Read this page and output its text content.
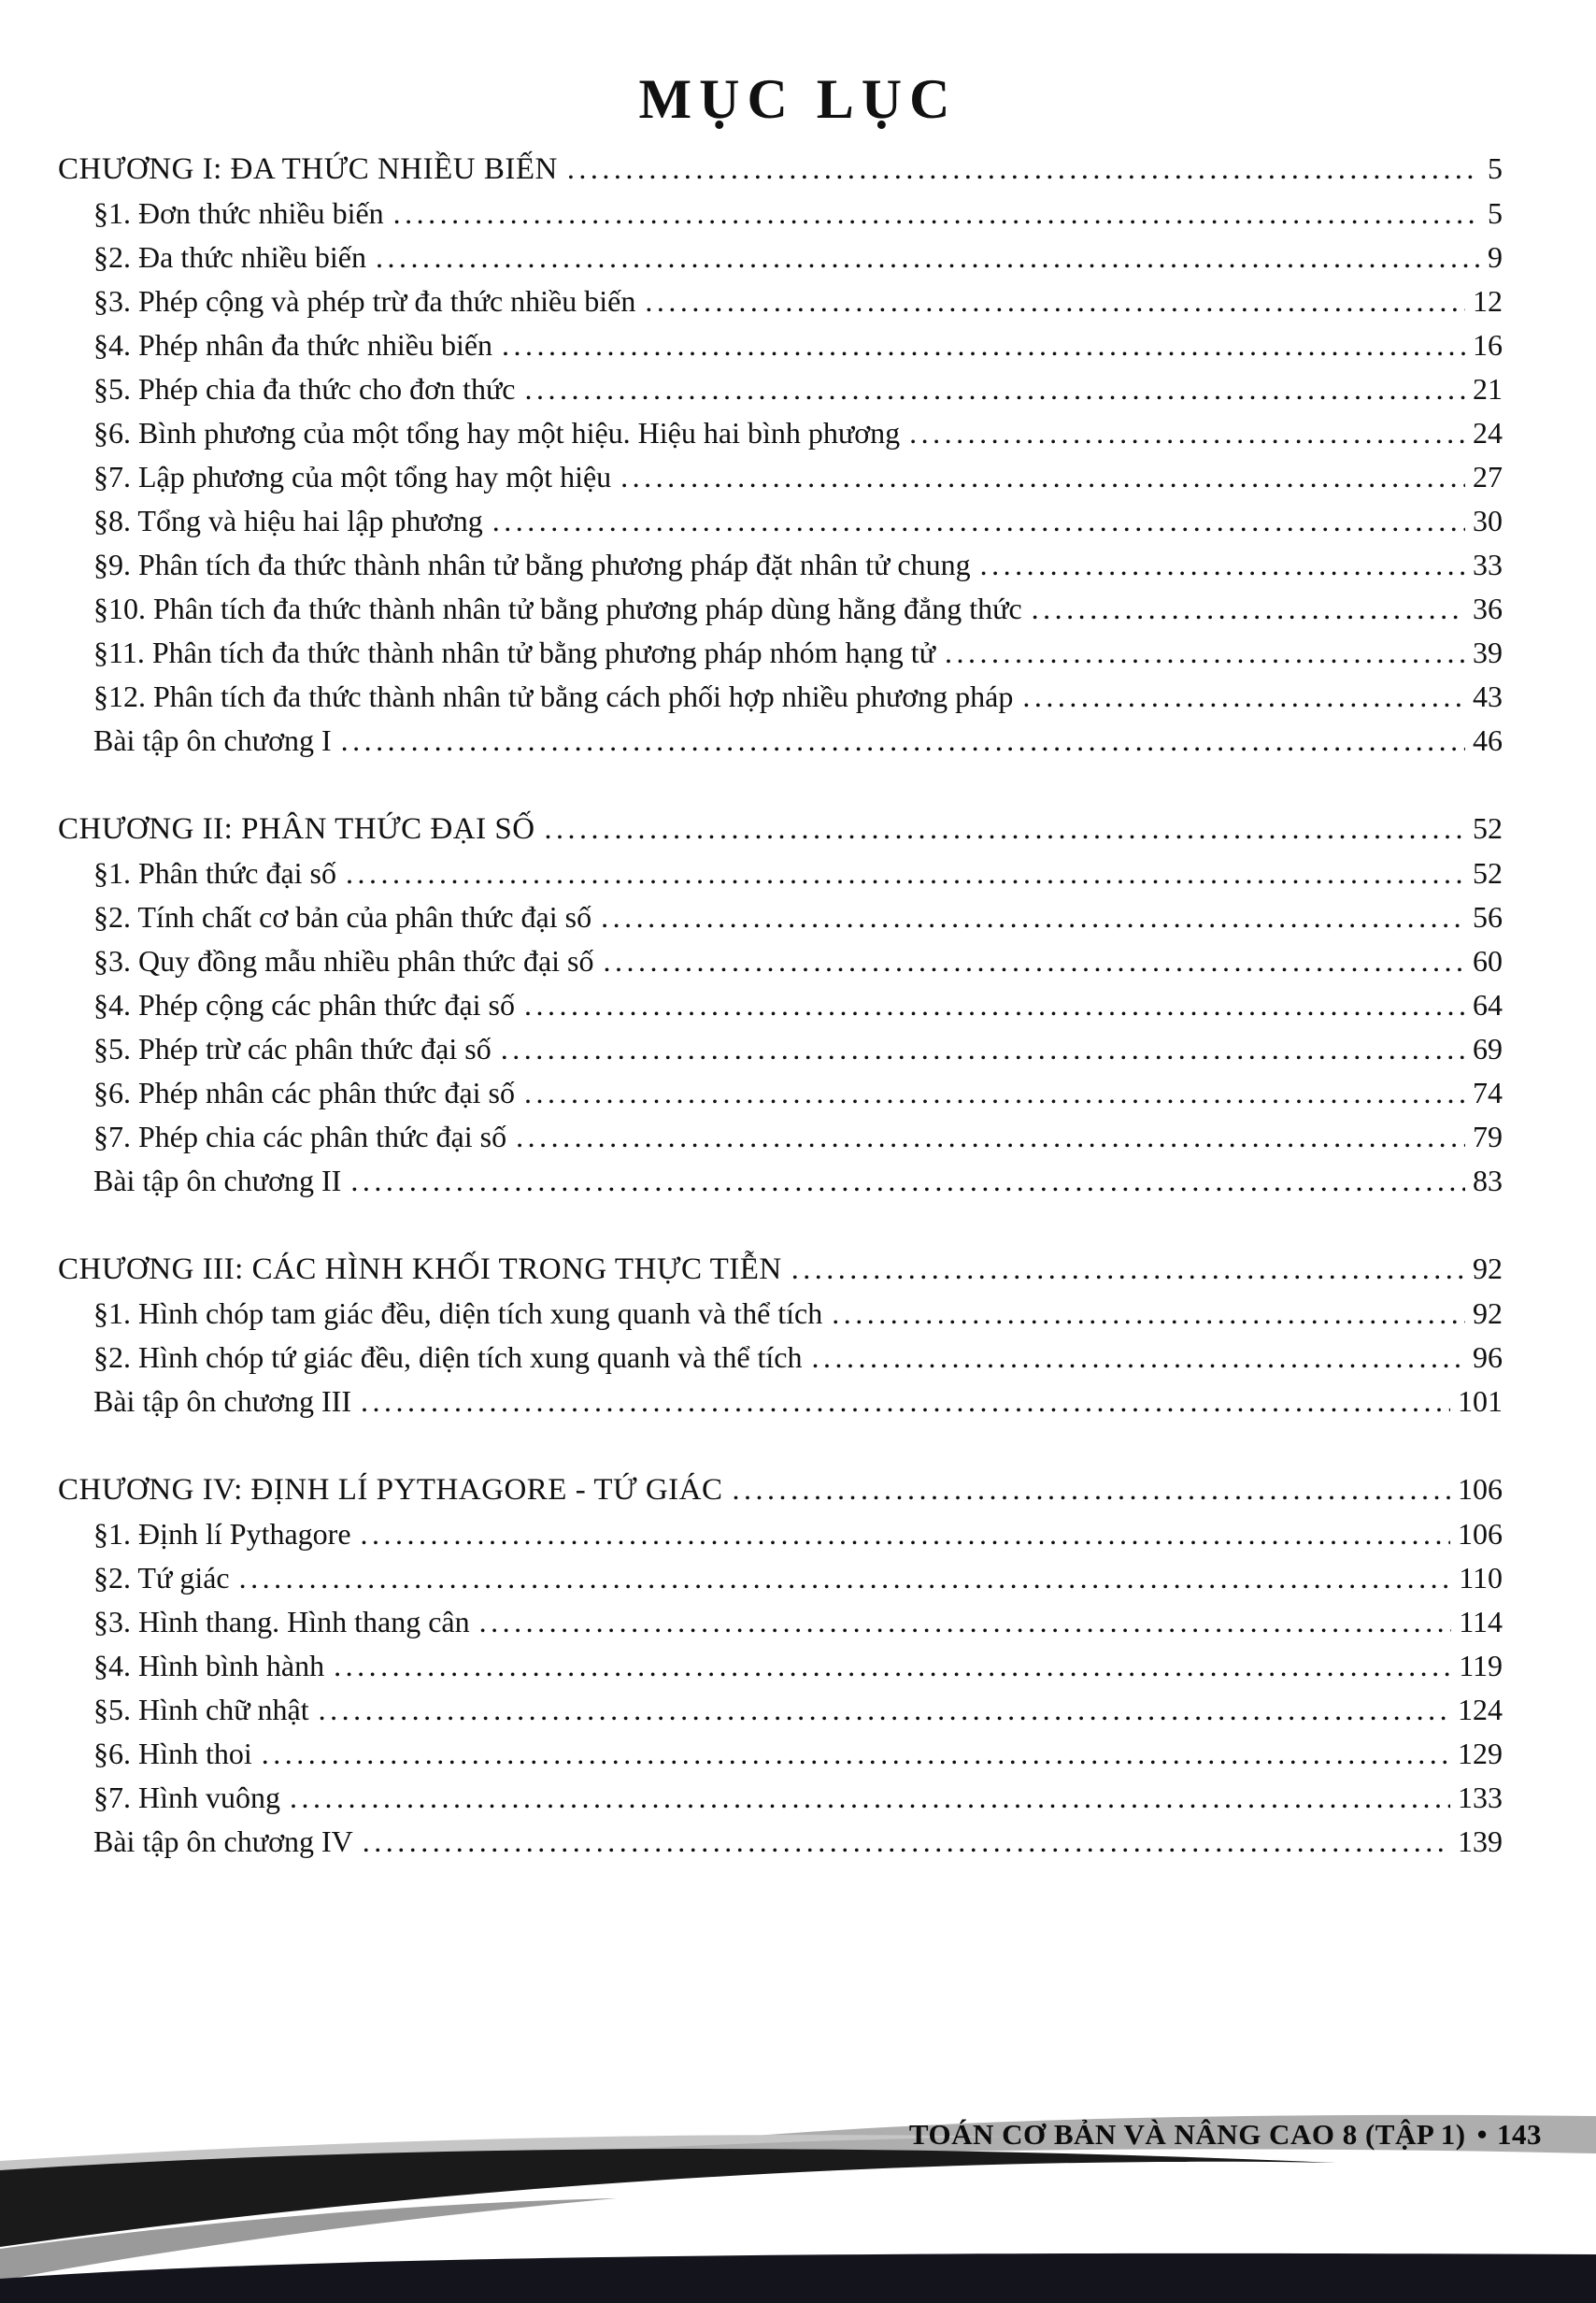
MỤC LỤC
CHƯƠNG I: ĐA THỨC NHIỀU BIẾN .....	5
§1. Đơn thức nhiều biến .....	5
§2. Đa thức nhiều biến .....	9
§3. Phép cộng và phép trừ đa thức nhiều biến .....	12
§4. Phép nhân đa thức nhiều biến .....	16
§5. Phép chia đa thức cho đơn thức .....	21
§6. Bình phương của một tổng hay một hiệu. Hiệu hai bình phương .....	24
§7. Lập phương của một tổng hay một hiệu .....	27
§8. Tổng và hiệu hai lập phương .....	30
§9. Phân tích đa thức thành nhân tử bằng phương pháp đặt nhân tử chung .....	33
§10. Phân tích đa thức thành nhân tử bằng phương pháp dùng hằng đẳng thức .....	36
§11. Phân tích đa thức thành nhân tử bằng phương pháp nhóm hạng tử .....	39
§12. Phân tích đa thức thành nhân tử bằng cách phối hợp nhiều phương pháp .....	43
Bài tập ôn chương I .....	46
CHƯƠNG II: PHÂN THỨC ĐẠI SỐ .....	52
§1. Phân thức đại số .....	52
§2. Tính chất cơ bản của phân thức đại số .....	56
§3. Quy đồng mẫu nhiều phân thức đại số .....	60
§4. Phép cộng các phân thức đại số .....	64
§5. Phép trừ các phân thức đại số .....	69
§6. Phép nhân các phân thức đại số .....	74
§7. Phép chia các phân thức đại số .....	79
Bài tập ôn chương II .....	83
CHƯƠNG III: CÁC HÌNH KHỐI TRONG THỰC TIỄN .....	92
§1. Hình chóp tam giác đều, diện tích xung quanh và thể tích .....	92
§2. Hình chóp tứ giác đều, diện tích xung quanh và thể tích .....	96
Bài tập ôn chương III .....	101
CHƯƠNG IV: ĐỊNH LÍ PYTHAGORE - TỨ GIÁC .....	106
§1. Định lí Pythagore .....	106
§2. Tứ giác .....	110
§3. Hình thang. Hình thang cân .....	114
§4. Hình bình hành .....	119
§5. Hình chữ nhật .....	124
§6. Hình thoi .....	129
§7. Hình vuông .....	133
Bài tập ôn chương IV .....	139
TOÁN CƠ BẢN VÀ NÂNG CAO 8 (TẬP 1) • 143
